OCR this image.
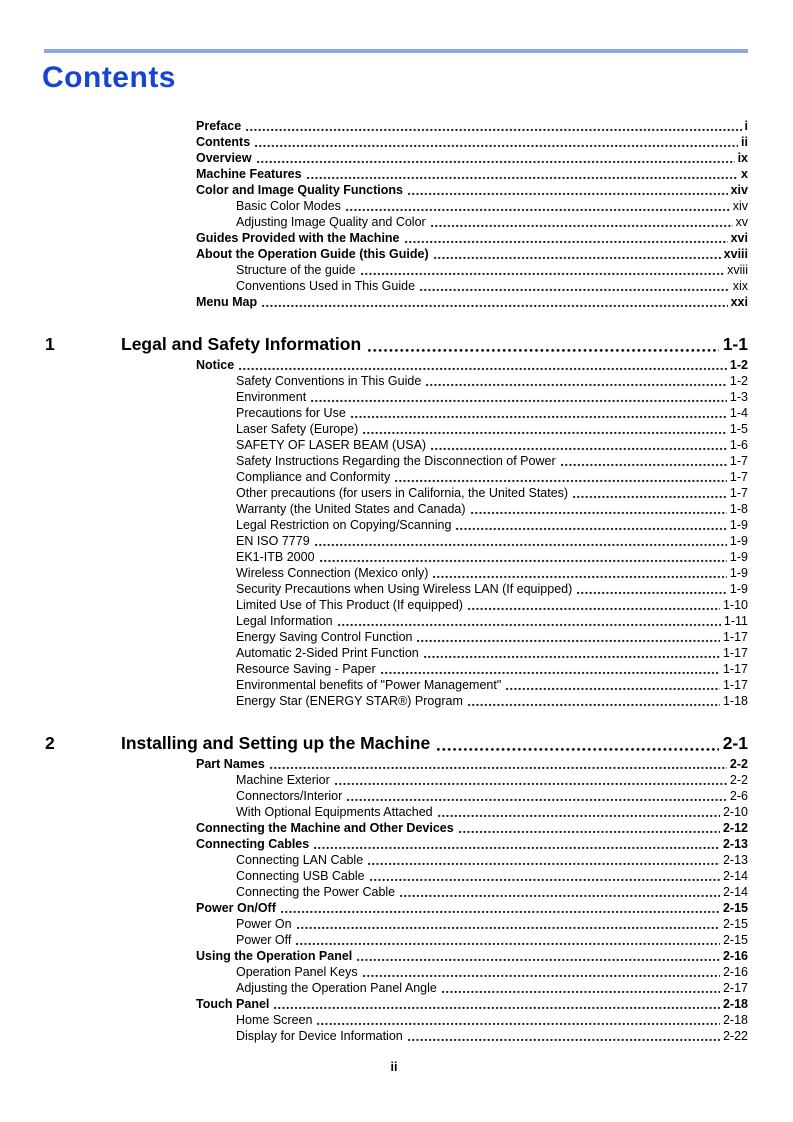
Contents
Preface	i
Contents	ii
Overview	ix
Machine Features	x
Color and Image Quality Functions	xiv
Basic Color Modes	xiv
Adjusting Image Quality and Color	xv
Guides Provided with the Machine	xvi
About the Operation Guide (this Guide)	xviii
Structure of the guide	xviii
Conventions Used in This Guide	xix
Menu Map	xxi
1	Legal and Safety Information	1-1
Notice	1-2
Safety Conventions in This Guide	1-2
Environment	1-3
Precautions for Use	1-4
Laser Safety (Europe)	1-5
SAFETY OF LASER BEAM (USA)	1-6
Safety Instructions Regarding the Disconnection of Power	1-7
Compliance and Conformity	1-7
Other precautions (for users in California, the United States)	1-7
Warranty (the United States and Canada)	1-8
Legal Restriction on Copying/Scanning	1-9
EN ISO 7779	1-9
EK1-ITB 2000	1-9
Wireless Connection (Mexico only)	1-9
Security Precautions when Using Wireless LAN (If equipped)	1-9
Limited Use of This Product (If equipped)	1-10
Legal Information	1-11
Energy Saving Control Function	1-17
Automatic 2-Sided Print Function	1-17
Resource Saving - Paper	1-17
Environmental benefits of "Power Management"	1-17
Energy Star (ENERGY STAR®) Program	1-18
2	Installing and Setting up the Machine	2-1
Part Names	2-2
Machine Exterior	2-2
Connectors/Interior	2-6
With Optional Equipments Attached	2-10
Connecting the Machine and Other Devices	2-12
Connecting Cables	2-13
Connecting LAN Cable	2-13
Connecting USB Cable	2-14
Connecting the Power Cable	2-14
Power On/Off	2-15
Power On	2-15
Power Off	2-15
Using the Operation Panel	2-16
Operation Panel Keys	2-16
Adjusting the Operation Panel Angle	2-17
Touch Panel	2-18
Home Screen	2-18
Display for Device Information	2-22
ii
